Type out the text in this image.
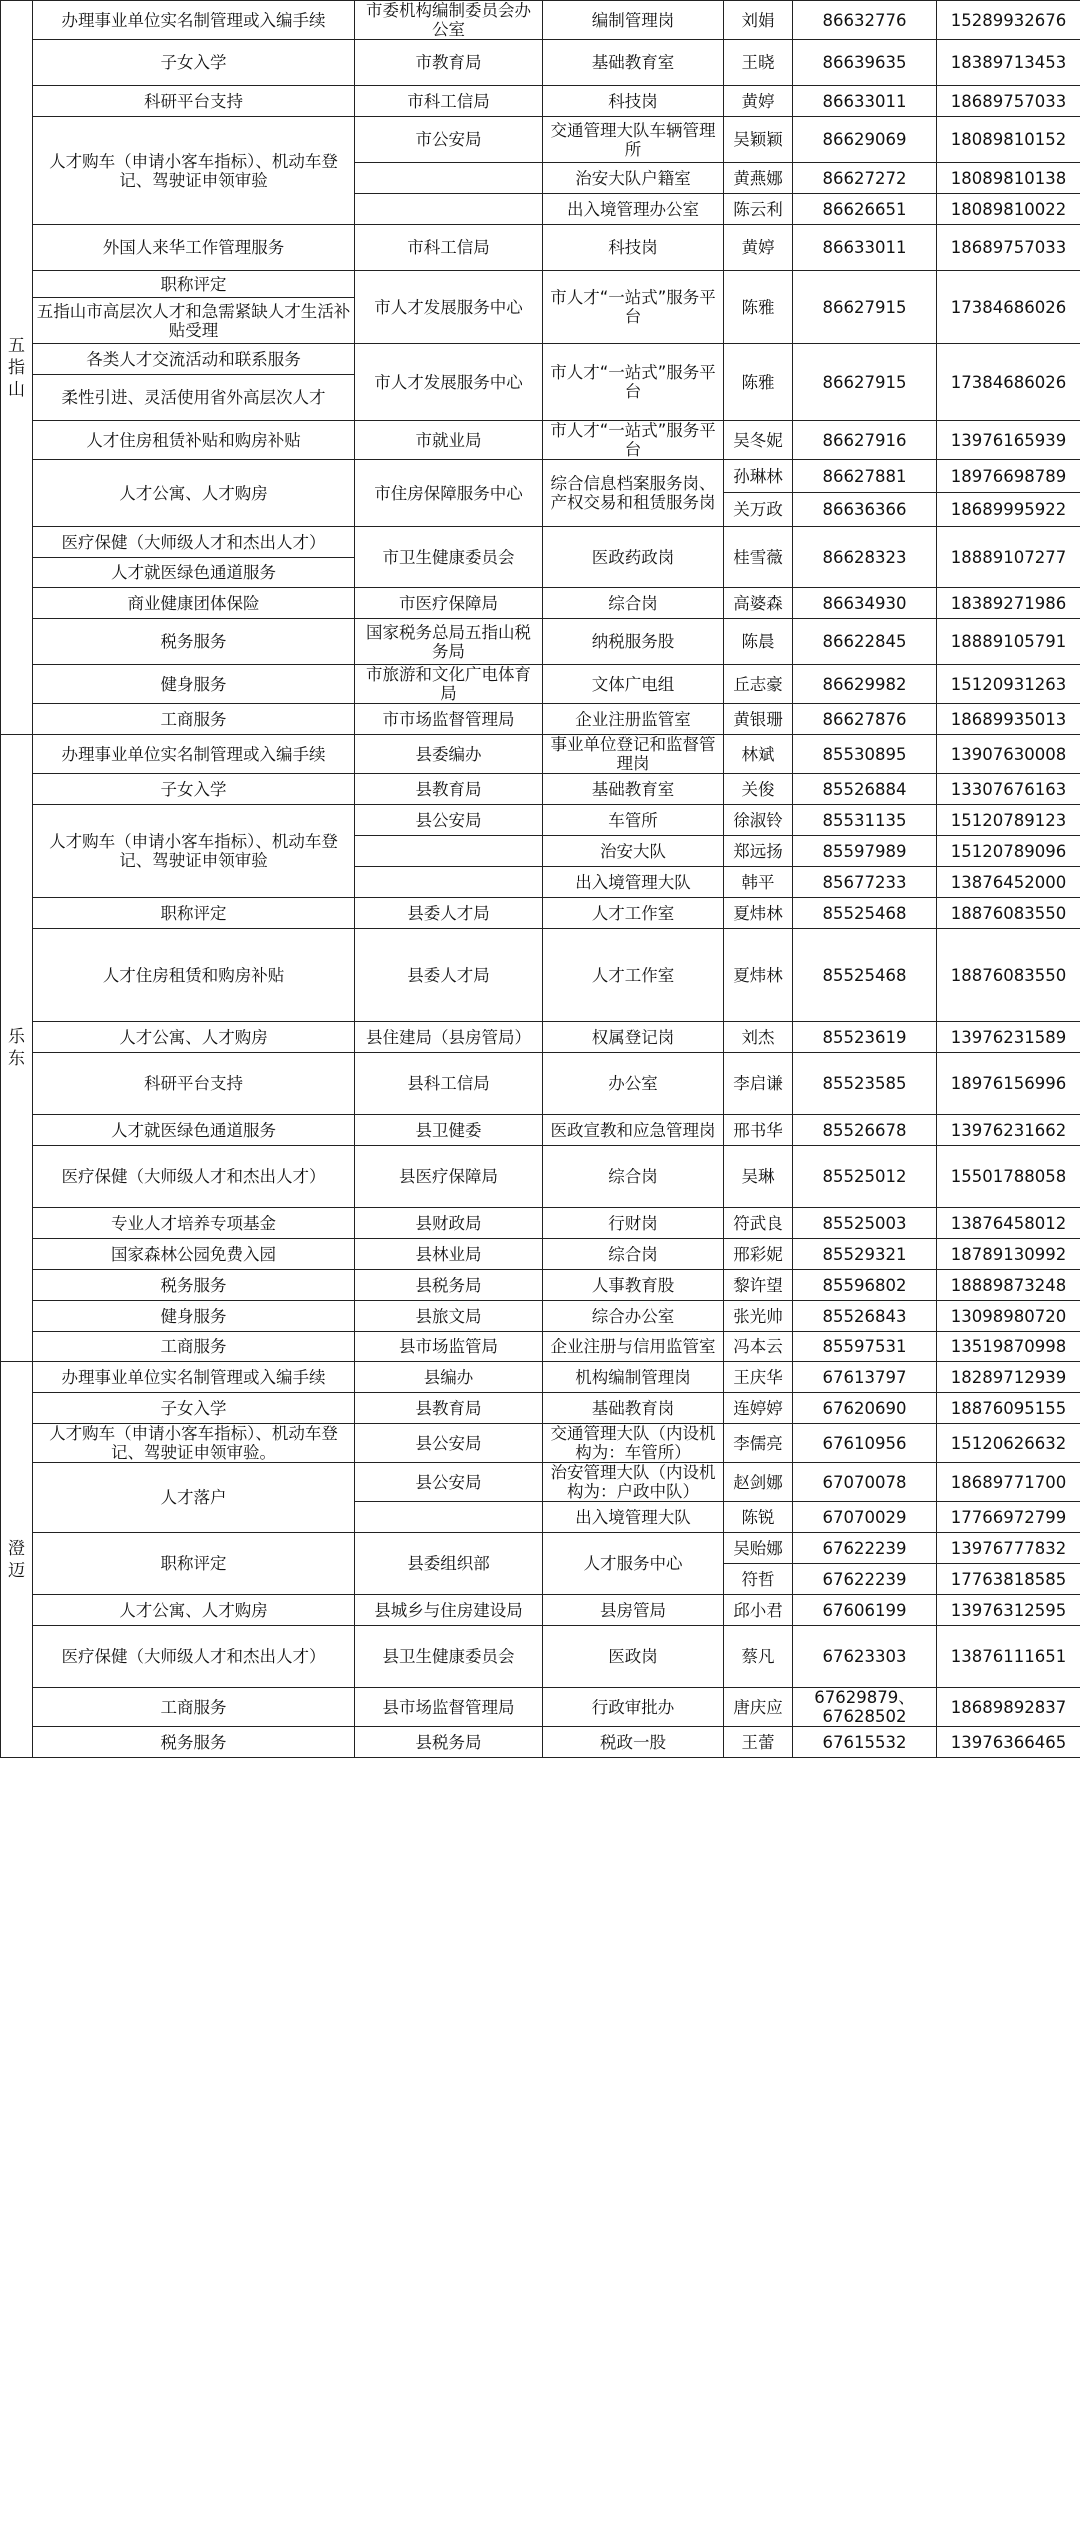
五
指
山	办理事业单位实名制管理或入编手续	市委机构编制委员会办公室	编制管理岗	刘娟	86632776	15289932676
	子女入学	市教育局	基础教育室	王晓	86639635	18389713453
	科研平台支持	市科工信局	科技岗	黄婷	86633011	18689757033
	人才购车（申请小客车指标）、机动车登记、驾驶证申领审验	市公安局	交通管理大队车辆管理所	吴颖颖	86629069	18089810152
			治安大队户籍室	黄燕娜	86627272	18089810138
			出入境管理办公室	陈云利	86626651	18089810022
	外国人来华工作管理服务	市科工信局	科技岗	黄婷	86633011	18689757033
	职称评定	市人才发展服务中心	市人才“一站式”服务平台	陈雅	86627915	17384686026
	五指山市高层次人才和急需紧缺人才生活补贴受理					
	各类人才交流活动和联系服务	市人才发展服务中心	市人才“一站式”服务平台	陈雅	86627915	17384686026
	柔性引进、灵活使用省外高层次人才					
	人才住房租赁补贴和购房补贴	市就业局	市人才“一站式”服务平台	吴冬妮	86627916	13976165939
	人才公寓、人才购房	市住房保障服务中心	综合信息档案服务岗、产权交易和租赁服务岗	孙琳林	86627881	18976698789
				关万政	86636366	18689995922
	医疗保健（大师级人才和杰出人才）	市卫生健康委员会	医政药政岗	桂雪薇	86628323	18889107277
	人才就医绿色通道服务					
	商业健康团体保险	市医疗保障局	综合岗	高婆森	86634930	18389271986
	税务服务	国家税务总局五指山税务局	纳税服务股	陈晨	86622845	18889105791
	健身服务	市旅游和文化广电体育局	文体广电组	丘志豪	86629982	15120931263
	工商服务	市市场监督管理局	企业注册监管室	黄银珊	86627876	18689935013
乐
东	办理事业单位实名制管理或入编手续	县委编办	事业单位登记和监督管理岗	林斌	85530895	13907630008
	子女入学	县教育局	基础教育室	关俊	85526884	13307676163
	人才购车（申请小客车指标）、机动车登记、驾驶证申领审验	县公安局	车管所	徐淑铃	85531135	15120789123
			治安大队	郑远扬	85597989	15120789096
			出入境管理大队	韩平	85677233	13876452000
	职称评定	县委人才局	人才工作室	夏炜林	85525468	18876083550
	人才住房租赁和购房补贴	县委人才局	人才工作室	夏炜林	85525468	18876083550

	人才公寓、人才购房	县住建局（县房管局）	权属登记岗	刘杰	85523619	13976231589
	科研平台支持	县科工信局	办公室	李启谦	85523585	18976156996

	人才就医绿色通道服务	县卫健委	医政宣教和应急管理岗	邢书华	85526678	13976231662
	医疗保健（大师级人才和杰出人才）	县医疗保障局	综合岗	吴琳	85525012	15501788058

	专业人才培养专项基金	县财政局	行财岗	符武良	85525003	13876458012
	国家森林公园免费入园	县林业局	综合岗	邢彩妮	85529321	18789130992
	税务服务	县税务局	人事教育股	黎许望	85596802	18889873248
	健身服务	县旅文局	综合办公室	张光帅	85526843	13098980720
	工商服务	县市场监管局	企业注册与信用监管室	冯本云	85597531	13519870998
澄
迈	办理事业单位实名制管理或入编手续	县编办	机构编制管理岗	王庆华	67613797	18289712939
	子女入学	县教育局	基础教育岗	连婷婷	67620690	18876095155
	人才购车（申请小客车指标）、机动车登记、驾驶证申领审验。	县公安局	交通管理大队（内设机构为：车管所）	李儒亮	67610956	15120626632
	人才落户	县公安局	治安管理大队（内设机构为：户政中队）	赵剑娜	67070078	18689771700
			出入境管理大队	陈锐	67070029	17766972799
	职称评定	县委组织部	人才服务中心	吴贻娜	67622239	13976777832
				符哲	67622239	17763818585
	人才公寓、人才购房	县城乡与住房建设局	县房管局	邱小君	67606199	13976312595
	医疗保健（大师级人才和杰出人才）	县卫生健康委员会	医政岗	蔡凡	67623303	13876111651

	工商服务	县市场监督管理局	行政审批办	唐庆应	67629879、67628502	18689892837
	税务服务	县税务局	税政一股	王蕾	67615532	13976366465
